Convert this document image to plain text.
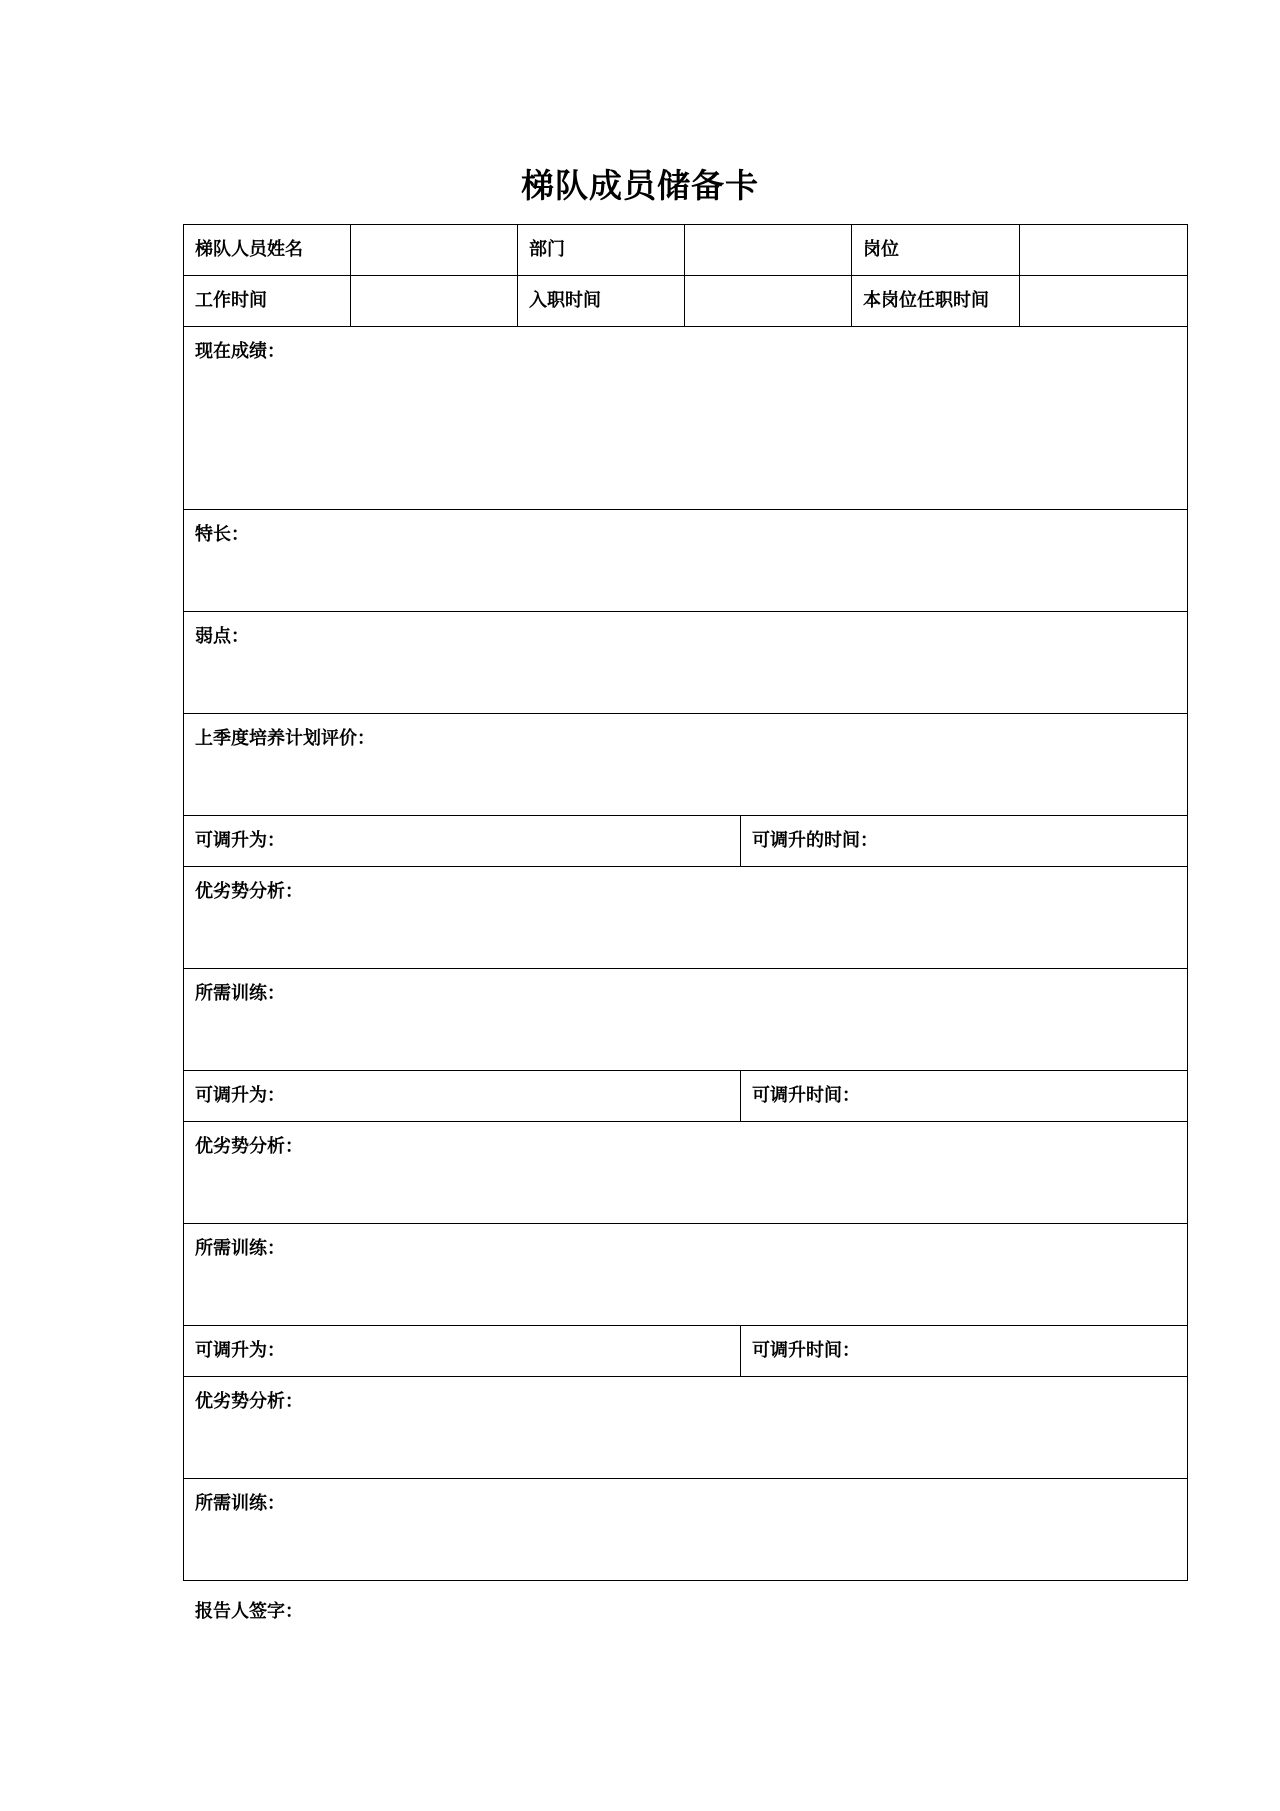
梯队成员储备卡
梯队人员姓名		部门			岗位	
工作时间		入职时间			本岗位任职时间	
现在成绩：						
特长：						
弱点：						
上季度培养计划评价：						
可调升为：				可调升的时间：		
优劣势分析：						
所需训练：						
可调升为：				可调升时间：		
优劣势分析：						
所需训练：						
可调升为：				可调升时间：		
优劣势分析：						
所需训练：						
报告人签字：
